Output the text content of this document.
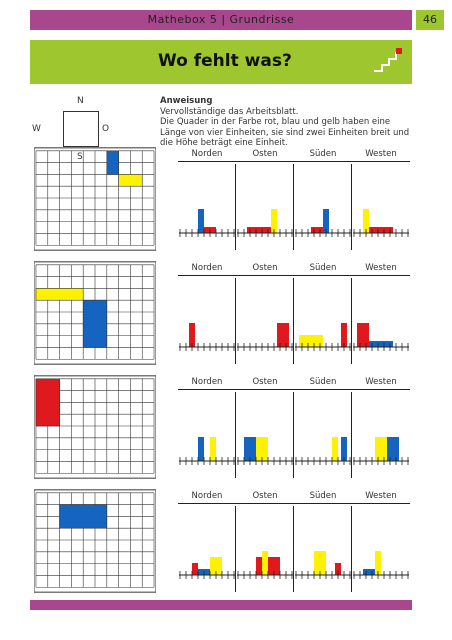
Mathebox 5 | Grundrisse	46
Wo fehlt was?
N
W	O
S
Anweisung
Vervollständige das Arbeitsblatt.
Die Quader in der Farbe rot, blau und gelb haben eine Länge von vier Einheiten, sie sind zwei Einheiten breit und die Höhe beträgt eine Einheit.
Norden	Osten	Süden	Westen
Norden	Osten	Süden	Westen
Norden	Osten	Süden	Westen
Norden	Osten	Süden	Westen
